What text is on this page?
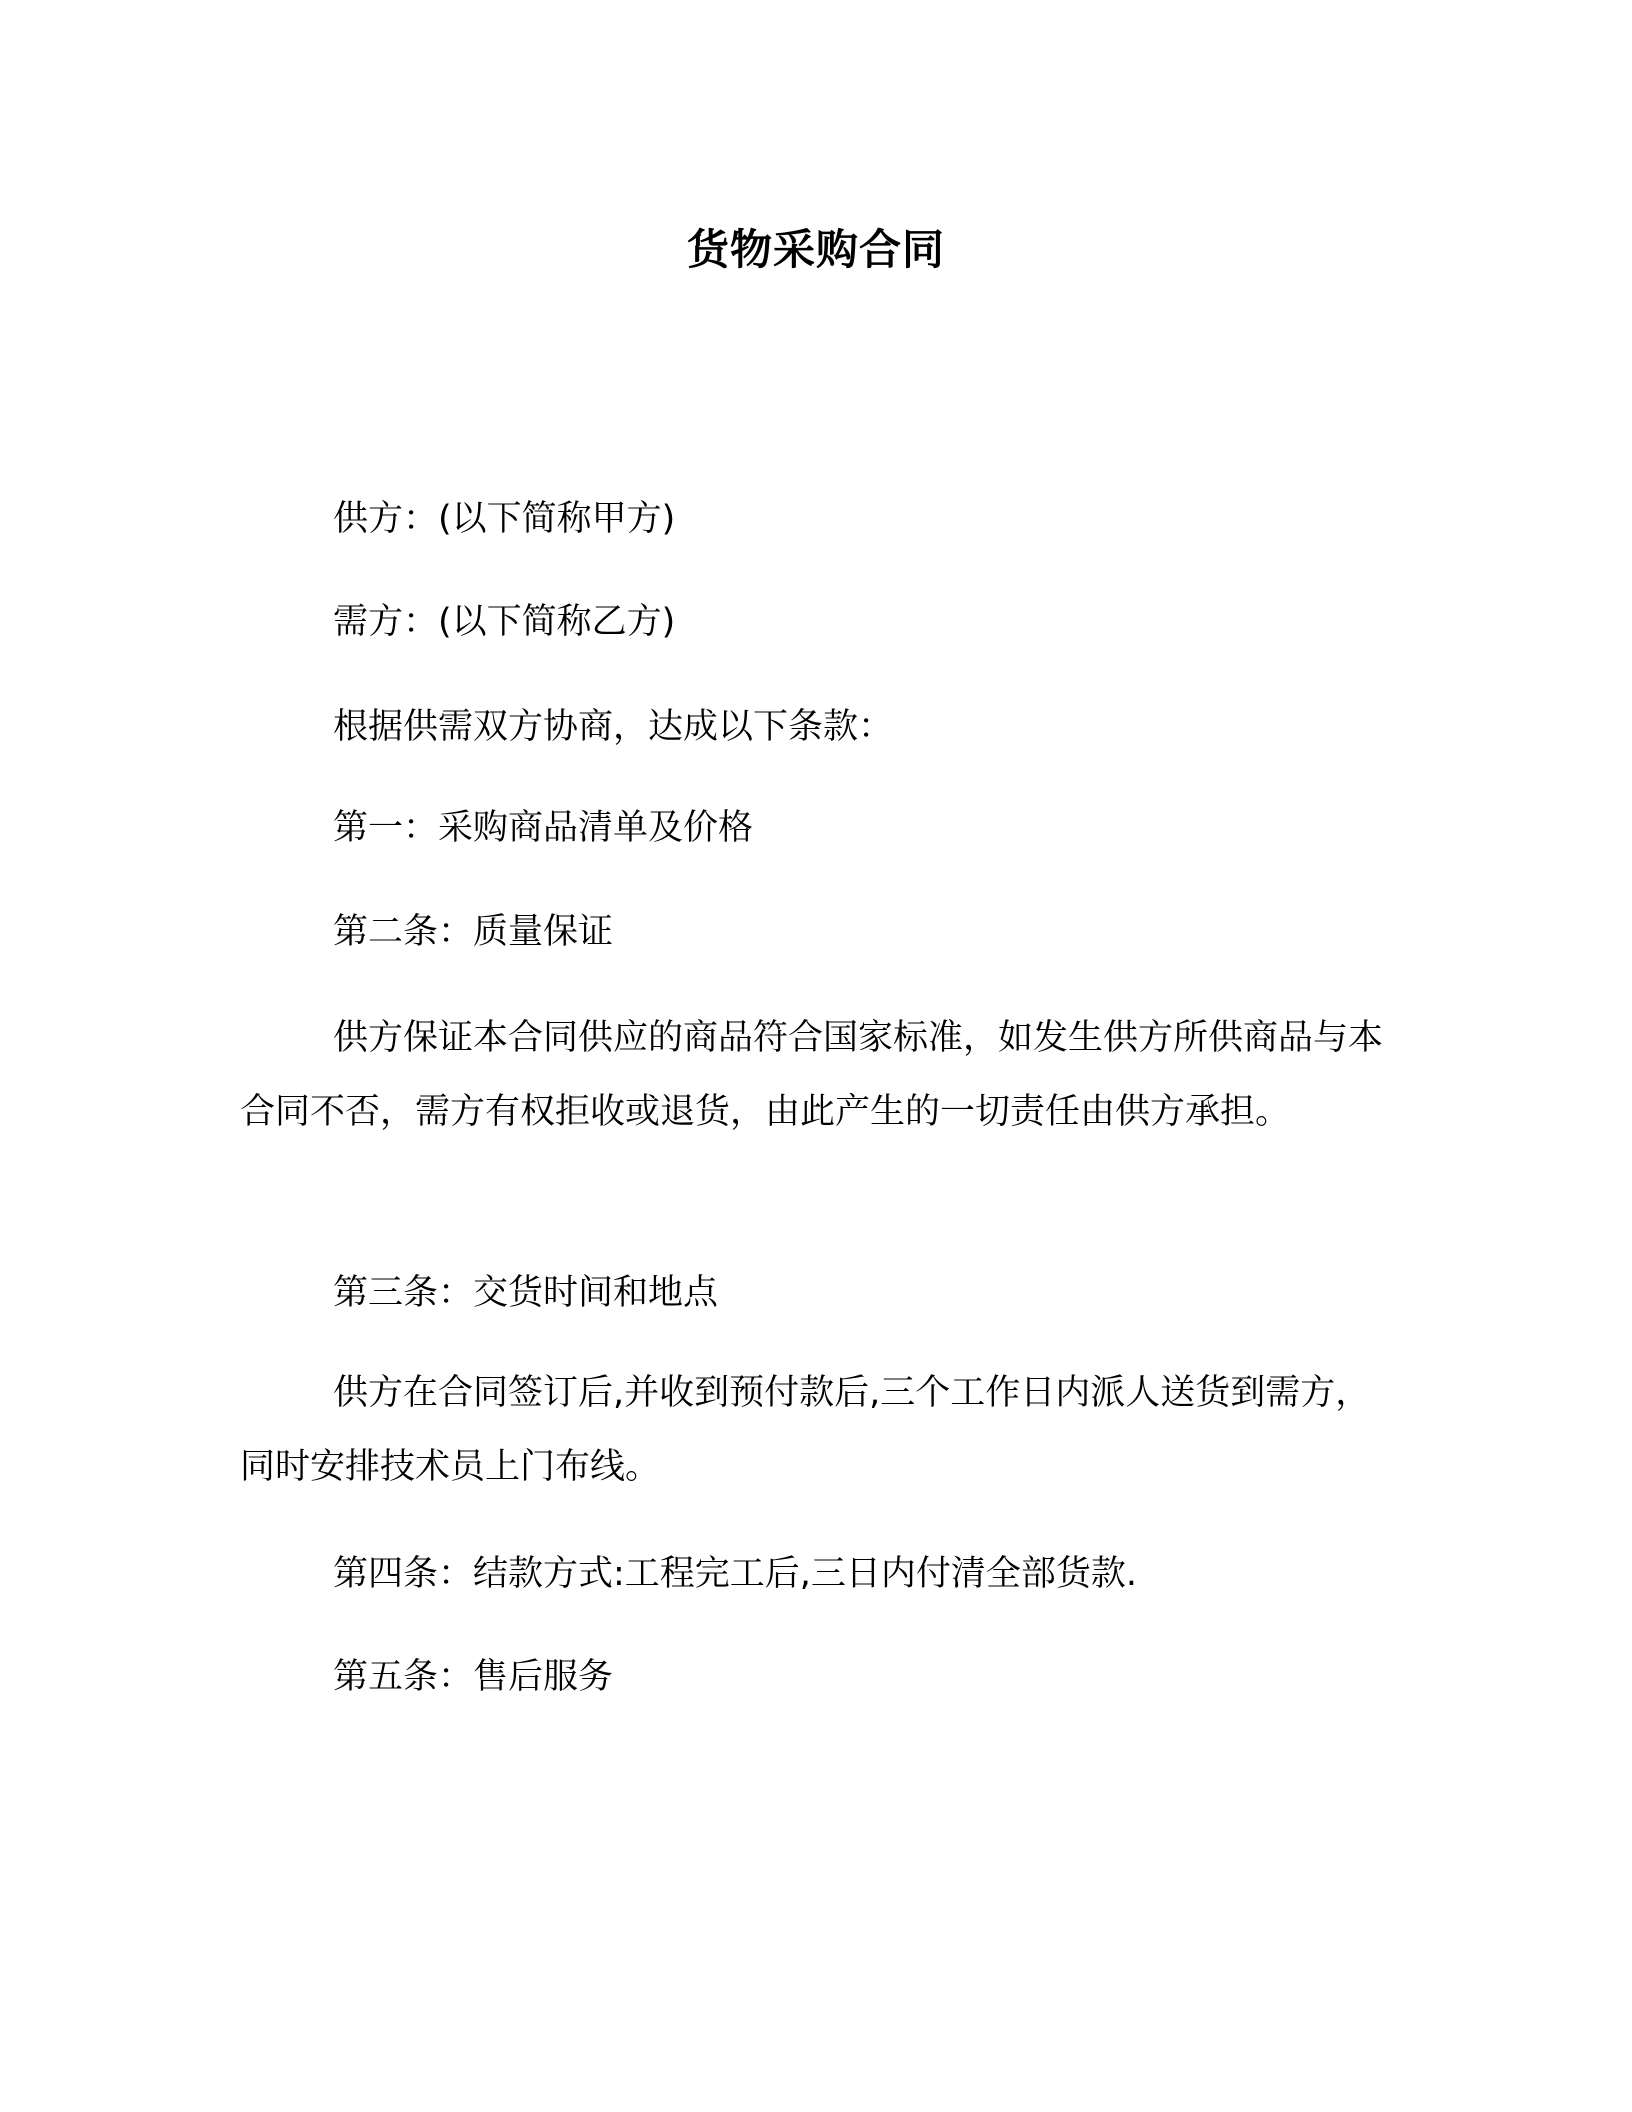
货物采购合同
供方：(以下简称甲方)
需方：(以下简称乙方)
根据供需双方协商，达成以下条款：
第一：采购商品清单及价格
第二条：质量保证
供方保证本合同供应的商品符合国家标准，如发生供方所供商品与本合同不否，需方有权拒收或退货，由此产生的一切责任由供方承担。
第三条：交货时间和地点
供方在合同签订后,并收到预付款后,三个工作日内派人送货到需方，同时安排技术员上门布线。
第四条：结款方式:工程完工后,三日内付清全部货款.
第五条：售后服务
